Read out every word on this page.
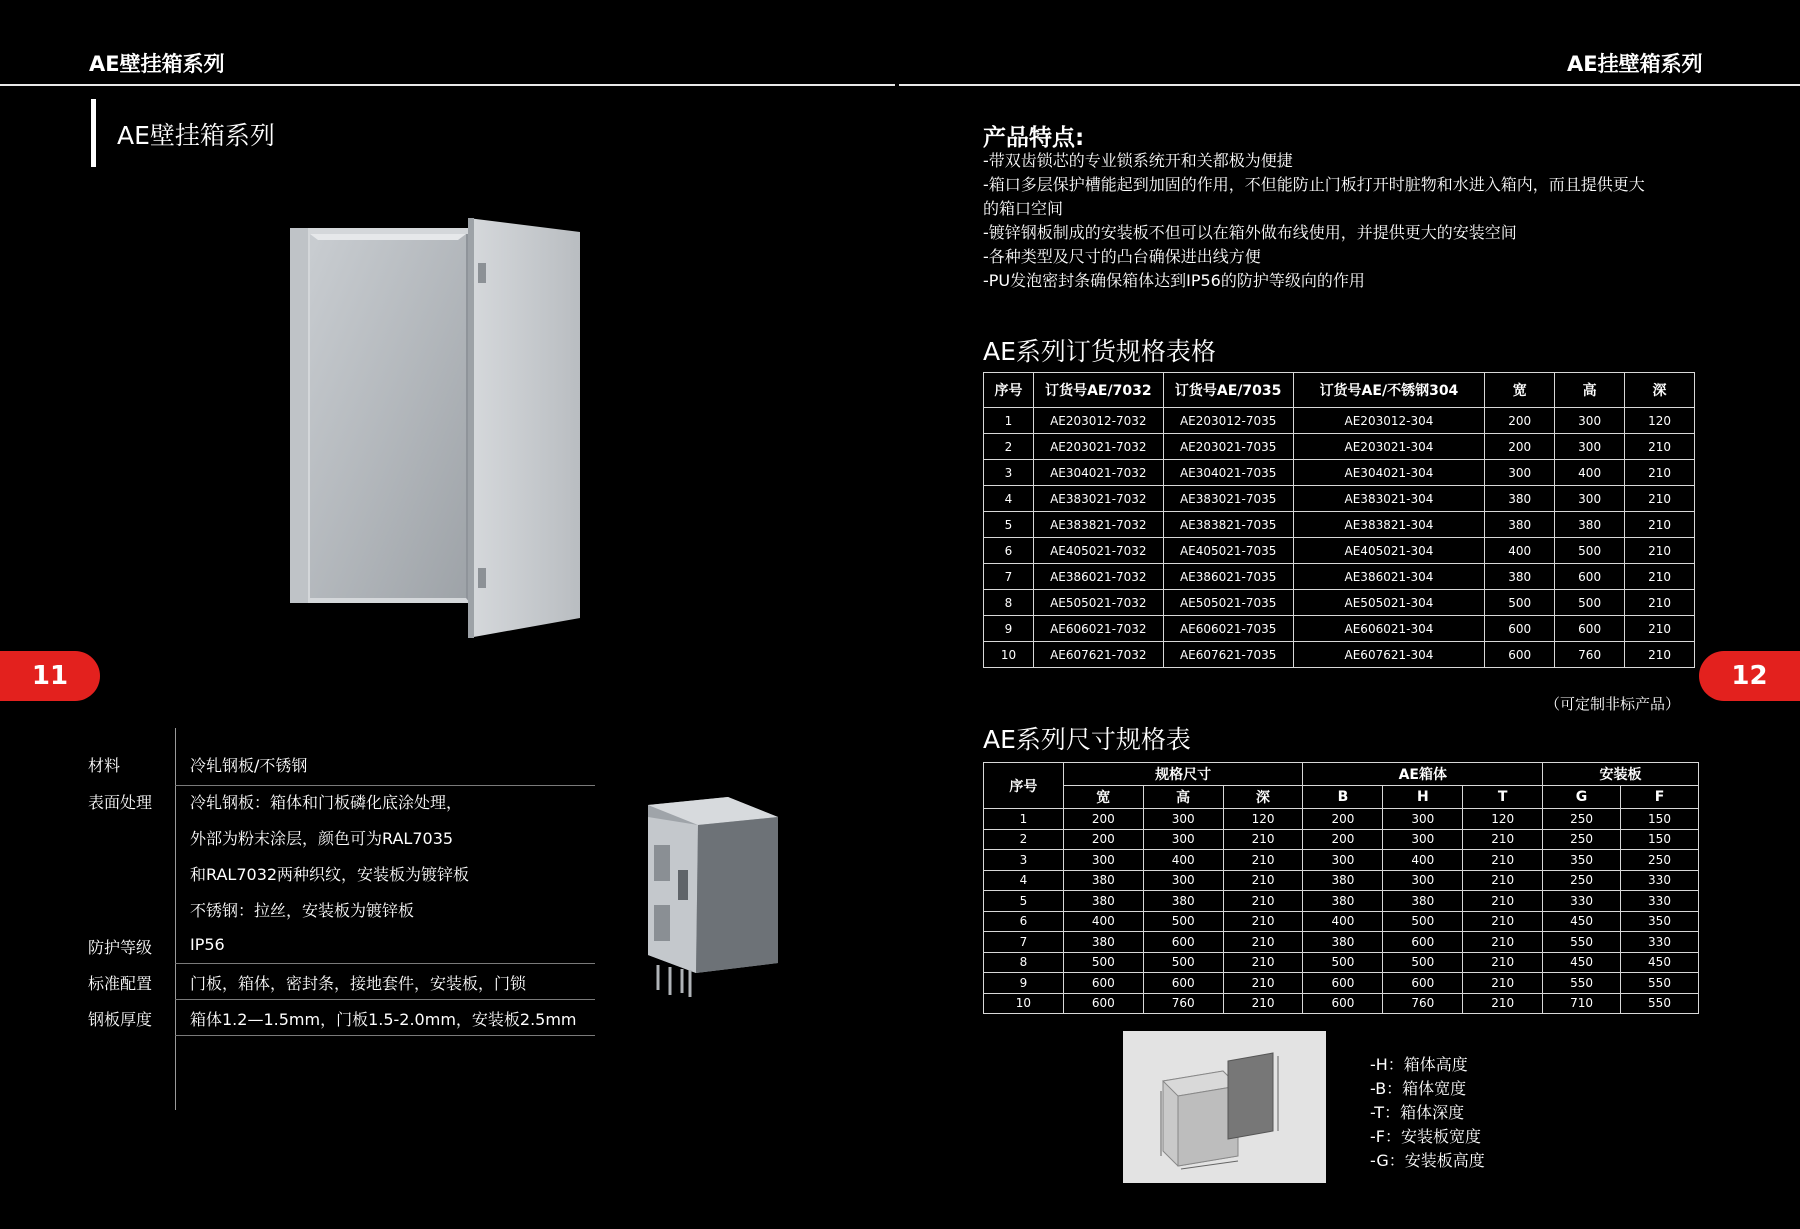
AE壁挂箱系列	AE挂壁箱系列
AE壁挂箱系列
11	12
材料	冷轧钢板/不锈钢
表面处理 冷轧钢板：箱体和门板磷化底涂处理，
外部为粉末涂层，颜色可为RAL7035
和RAL7032两种织纹，安装板为镀锌板
不锈钢：拉丝，安装板为镀锌板
防护等级 IP56
标准配置 门板，箱体，密封条，接地套件，安装板，门锁
钢板厚度 箱体1.2—1.5mm，门板1.5-2.0mm，安装板2.5mm
产品特点:
-带双齿锁芯的专业锁系统开和关都极为便捷
-箱口多层保护槽能起到加固的作用，不但能防止门板打开时脏物和水进入箱内，而且提供更大
的箱口空间
-镀锌钢板制成的安装板不但可以在箱外做布线使用，并提供更大的安装空间
-各种类型及尺寸的凸台确保进出线方便
-PU发泡密封条确保箱体达到IP56的防护等级向的作用
AE系列订货规格表格
序号	订货号AE/7032	订货号AE/7035	订货号AE/不锈钢304	宽	高	深
1	AE203012-7032	AE203012-7035	AE203012-304	200	300	120
2	AE203021-7032	AE203021-7035	AE203021-304	200	300	210
3	AE304021-7032	AE304021-7035	AE304021-304	300	400	210
4	AE383021-7032	AE383021-7035	AE383021-304	380	300	210
5	AE383821-7032	AE383821-7035	AE383821-304	380	380	210
6	AE405021-7032	AE405021-7035	AE405021-304	400	500	210
7	AE386021-7032	AE386021-7035	AE386021-304	380	600	210
8	AE505021-7032	AE505021-7035	AE505021-304	500	500	210
9	AE606021-7032	AE606021-7035	AE606021-304	600	600	210
10	AE607621-7032	AE607621-7035	AE607621-304	600	760	210
（可定制非标产品）
AE系列尺寸规格表
序号	规格尺寸			AE箱体			安装板	
	宽	高	深	B	H	T	G	F
1	200	300	120	200	300	120	250	150
2	200	300	210	200	300	210	250	150
3	300	400	210	300	400	210	350	250
4	380	300	210	380	300	210	250	330
5	380	380	210	380	380	210	330	330
6	400	500	210	400	500	210	450	350
7	380	600	210	380	600	210	550	330
8	500	500	210	500	500	210	450	450
9	600	600	210	600	600	210	550	550
10	600	760	210	600	760	210	710	550
-H：箱体高度
-B：箱体宽度
-T：箱体深度
-F：安装板宽度
-G：安装板高度
